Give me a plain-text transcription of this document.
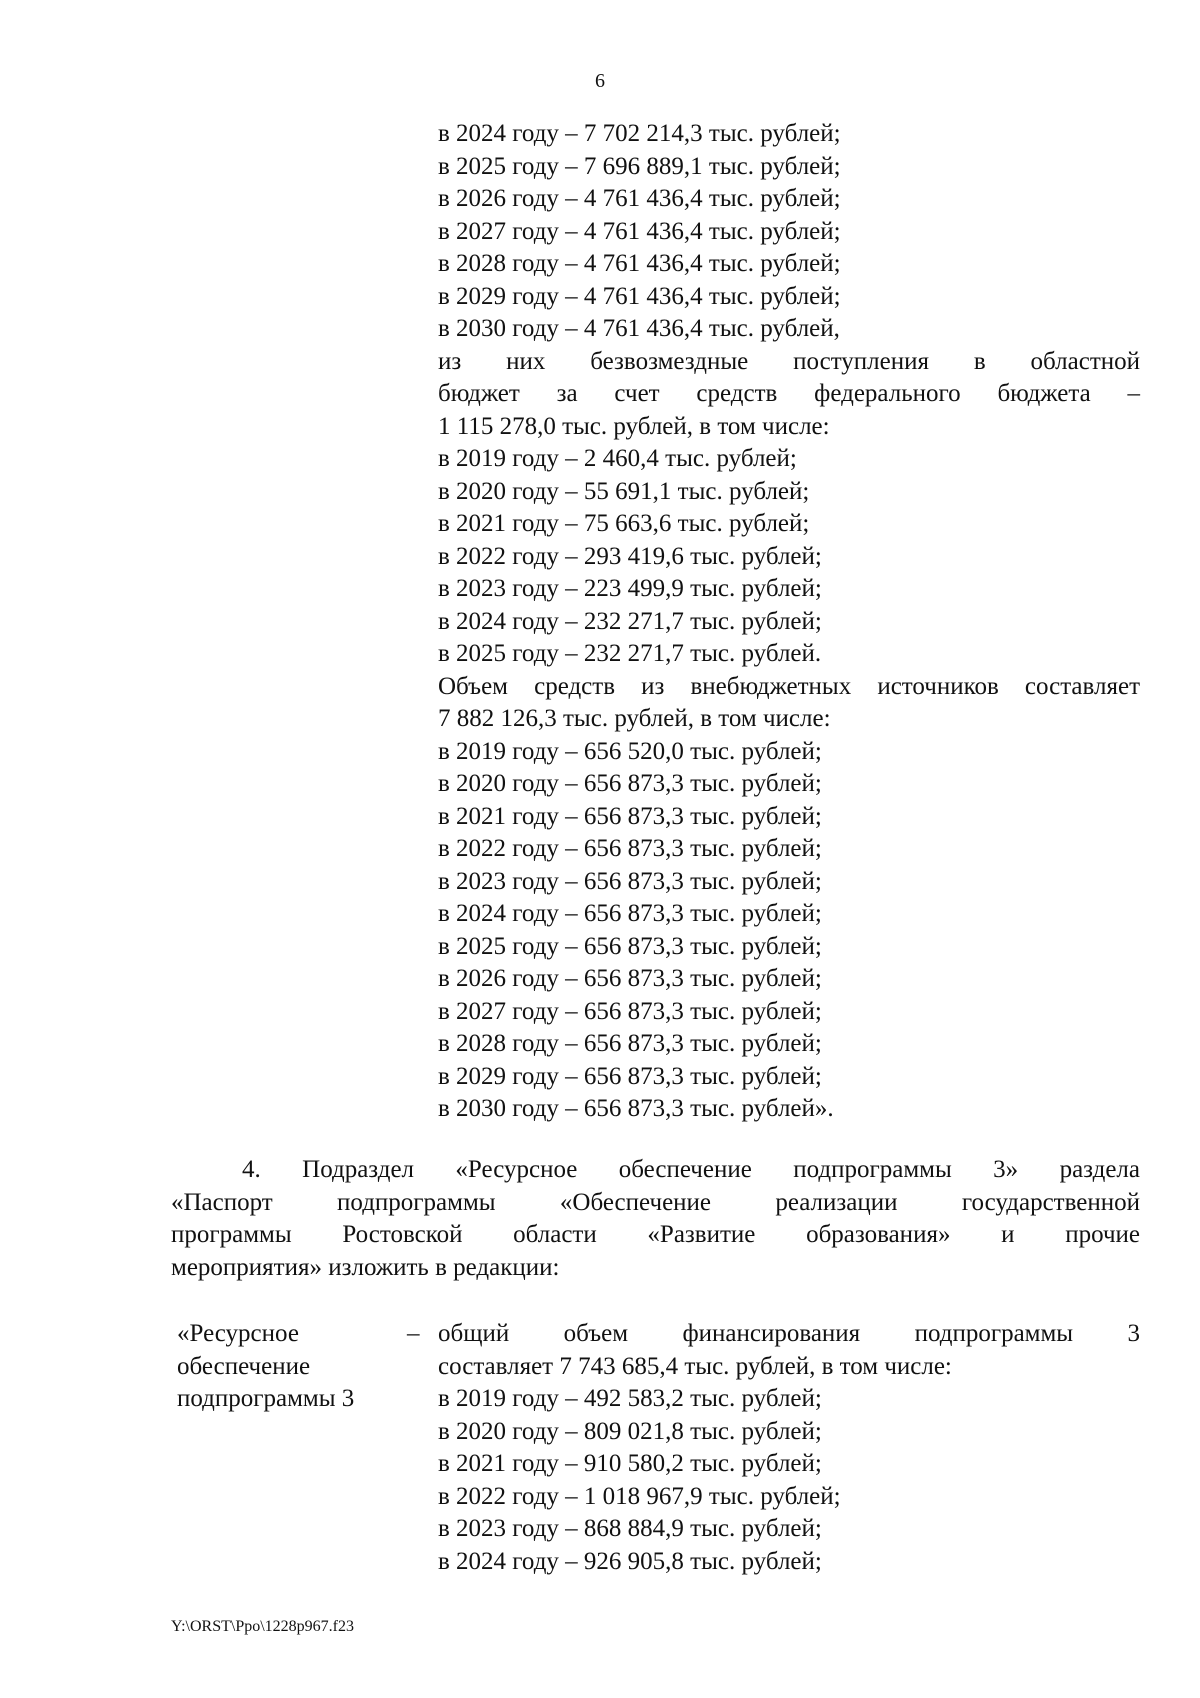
6
в 2024 году – 7 702 214,3 тыс. рублей;
в 2025 году – 7 696 889,1 тыс. рублей;
в 2026 году – 4 761 436,4 тыс. рублей;
в 2027 году – 4 761 436,4 тыс. рублей;
в 2028 году – 4 761 436,4 тыс. рублей;
в 2029 году – 4 761 436,4 тыс. рублей;
в 2030 году – 4 761 436,4 тыс. рублей,
из них безвозмездные поступления в областной
бюджет за счет средств федерального бюджета –
1 115 278,0 тыс. рублей, в том числе:
в 2019 году – 2 460,4 тыс. рублей;
в 2020 году – 55 691,1 тыс. рублей;
в 2021 году – 75 663,6 тыс. рублей;
в 2022 году – 293 419,6 тыс. рублей;
в 2023 году – 223 499,9 тыс. рублей;
в 2024 году – 232 271,7 тыс. рублей;
в 2025 году – 232 271,7 тыс. рублей.
Объем средств из внебюджетных источников составляет
7 882 126,3 тыс. рублей, в том числе:
в 2019 году – 656 520,0 тыс. рублей;
в 2020 году – 656 873,3 тыс. рублей;
в 2021 году – 656 873,3 тыс. рублей;
в 2022 году – 656 873,3 тыс. рублей;
в 2023 году – 656 873,3 тыс. рублей;
в 2024 году – 656 873,3 тыс. рублей;
в 2025 году – 656 873,3 тыс. рублей;
в 2026 году – 656 873,3 тыс. рублей;
в 2027 году – 656 873,3 тыс. рублей;
в 2028 году – 656 873,3 тыс. рублей;
в 2029 году – 656 873,3 тыс. рублей;
в 2030 году – 656 873,3 тыс. рублей».
4. Подраздел «Ресурсное обеспечение подпрограммы 3» раздела
«Паспорт подпрограммы «Обеспечение реализации государственной
программы Ростовской области «Развитие образования» и прочие
мероприятия» изложить в редакции:
«Ресурсное
обеспечение
подпрограммы 3
– общий объем финансирования подпрограммы 3
составляет 7 743 685,4 тыс. рублей, в том числе:
в 2019 году – 492 583,2 тыс. рублей;
в 2020 году – 809 021,8 тыс. рублей;
в 2021 году – 910 580,2 тыс. рублей;
в 2022 году – 1 018 967,9 тыс. рублей;
в 2023 году – 868 884,9 тыс. рублей;
в 2024 году – 926 905,8 тыс. рублей;
Y:\ORST\Ppo\1228p967.f23
